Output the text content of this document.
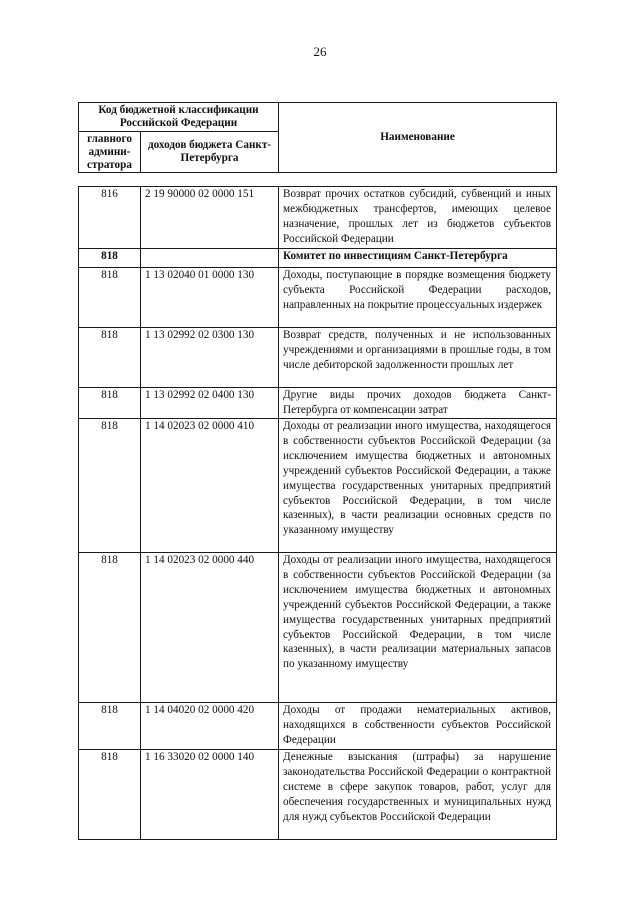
26
Код бюджетной классификации Российской Федерации		Наименование
главного админи-стратора	доходов бюджета Санкт-Петербурга	
816	2 19 90000 02 0000 151	Возврат прочих остатков субсидий, субвенций и иных межбюджетных трансфертов, имеющих целевое назначение, прошлых лет из бюджетов субъектов Российской Федерации
818		Комитет по инвестициям Санкт-Петербурга
818	1 13 02040 01 0000 130	Доходы, поступающие в порядке возмещения бюджету субъекта Российской Федерации расходов, направленных на покрытие процессуальных издержек
818	1 13 02992 02 0300 130	Возврат средств, полученных и не использованных учреждениями и организациями в прошлые годы, в том числе дебиторской задолженности прошлых лет
818	1 13 02992 02 0400 130	Другие виды прочих доходов бюджета Санкт-Петербурга от компенсации затрат
818	1 14 02023 02 0000 410	Доходы от реализации иного имущества, находящегося в собственности субъектов Российской Федерации (за исключением имущества бюджетных и автономных учреждений субъектов Российской Федерации, а также имущества государственных унитарных предприятий субъектов Российской Федерации, в том числе казенных), в части реализации основных средств по указанному имуществу
818	1 14 02023 02 0000 440	Доходы от реализации иного имущества, находящегося в собственности субъектов Российской Федерации (за исключением имущества бюджетных и автономных учреждений субъектов Российской Федерации, а также имущества государственных унитарных предприятий субъектов Российской Федерации, в том числе казенных), в части реализации материальных запасов по указанному имуществу
818	1 14 04020 02 0000 420	Доходы от продажи нематериальных активов, находящихся в собственности субъектов Российской Федерации
818	1 16 33020 02 0000 140	Денежные взыскания (штрафы) за нарушение законодательства Российской Федерации о контрактной системе в сфере закупок товаров, работ, услуг для обеспечения государственных и муниципальных нужд для нужд субъектов Российской Федерации
